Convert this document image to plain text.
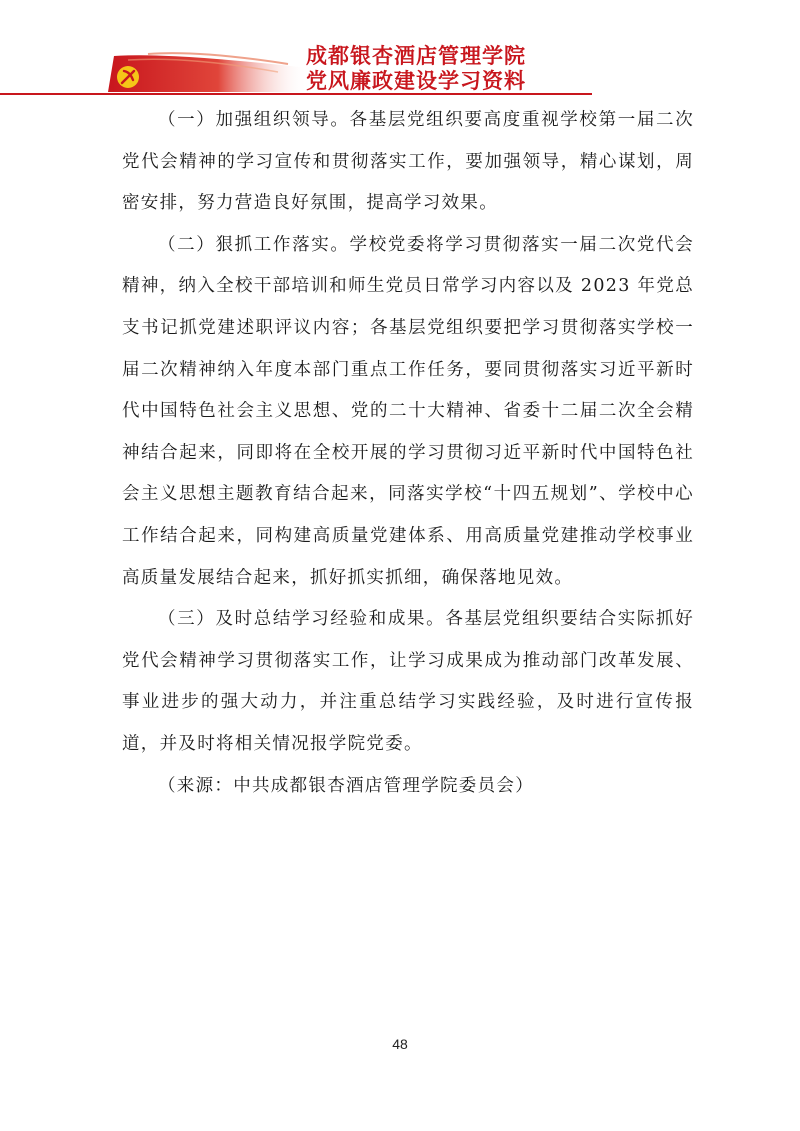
成都银杏酒店管理学院
党风廉政建设学习资料

（一）加强组织领导。各基层党组织要高度重视学校第一届二次党代会精神的学习宣传和贯彻落实工作，要加强领导，精心谋划，周密安排，努力营造良好氛围，提高学习效果。

（二）狠抓工作落实。学校党委将学习贯彻落实一届二次党代会精神，纳入全校干部培训和师生党员日常学习内容以及 2023 年党总支书记抓党建述职评议内容；各基层党组织要把学习贯彻落实学校一届二次精神纳入年度本部门重点工作任务，要同贯彻落实习近平新时代中国特色社会主义思想、党的二十大精神、省委十二届二次全会精神结合起来，同即将在全校开展的学习贯彻习近平新时代中国特色社会主义思想主题教育结合起来，同落实学校“十四五规划”、学校中心工作结合起来，同构建高质量党建体系、用高质量党建推动学校事业高质量发展结合起来，抓好抓实抓细，确保落地见效。

（三）及时总结学习经验和成果。各基层党组织要结合实际抓好党代会精神学习贯彻落实工作，让学习成果成为推动部门改革发展、事业进步的强大动力，并注重总结学习实践经验，及时进行宣传报道，并及时将相关情况报学院党委。

（来源：中共成都银杏酒店管理学院委员会）

48
